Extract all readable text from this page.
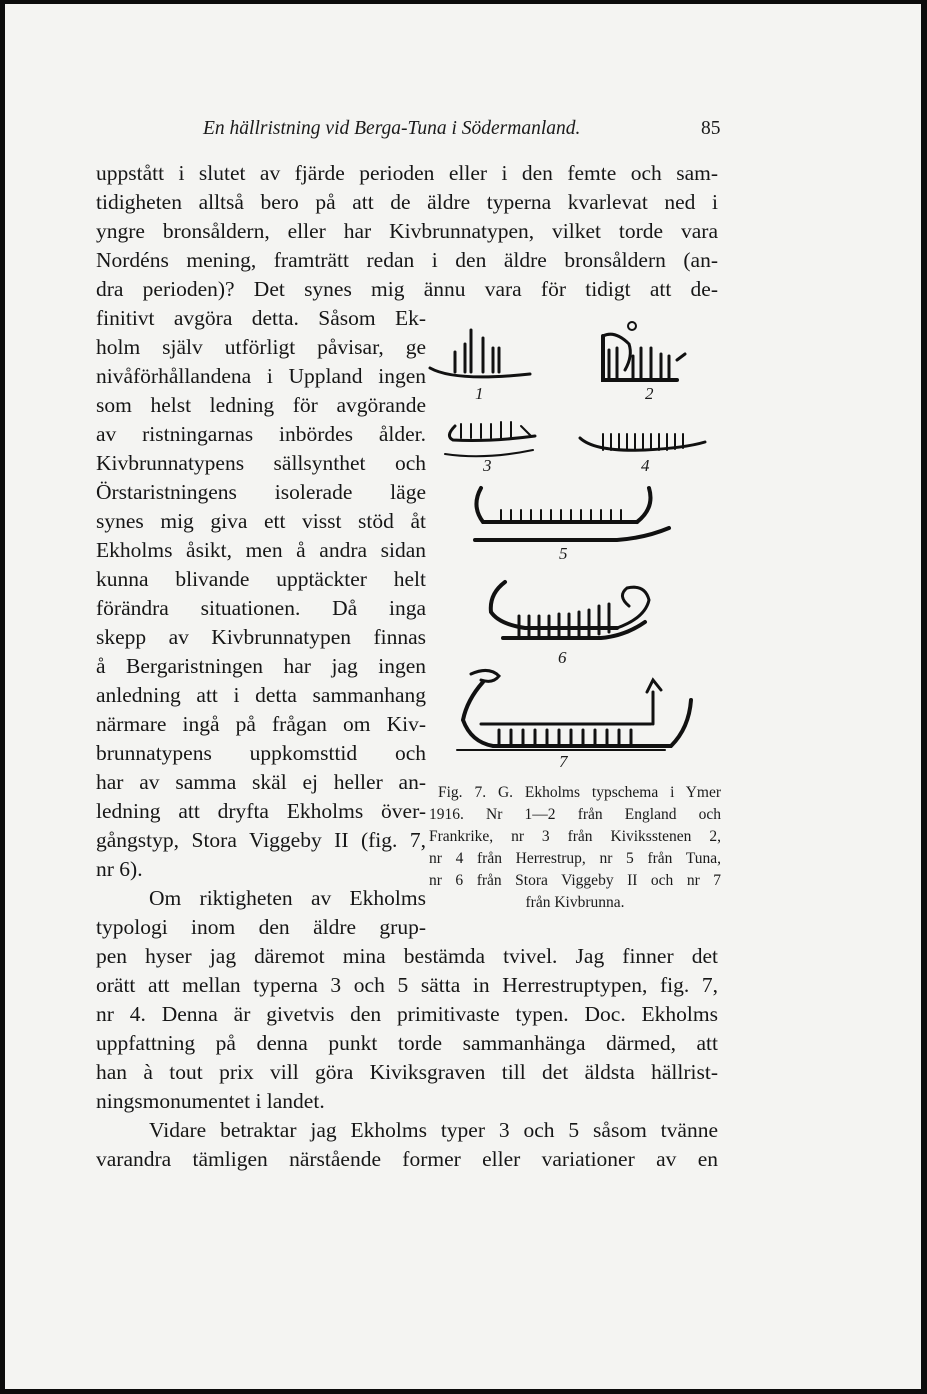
En hällristning vid Berga-Tuna i Södermanland.	85
uppstått i slutet av fjärde perioden eller i den femte och sam-
tidigheten alltså bero på att de äldre typerna kvarlevat ned i
yngre bronsåldern, eller har Kivbrunnatypen, vilket torde vara
Nordéns mening, framträtt redan i den äldre bronsåldern (an-
dra perioden)? Det synes mig ännu vara för tidigt att de-
finitivt avgöra detta. Såsom Ek-
holm själv utförligt påvisar, ge
nivåförhållandena i Uppland ingen
som helst ledning för avgörande
av ristningarnas inbördes ålder.
Kivbrunnatypens sällsynthet och
Örstaristningens isolerade läge
synes mig giva ett visst stöd åt
Ekholms åsikt, men å andra sidan
kunna blivande upptäckter helt
förändra situationen. Då inga
skepp av Kivbrunnatypen finnas
å Bergaristningen har jag ingen
anledning att i detta sammanhang
närmare ingå på frågan om Kiv-
brunnatypens uppkomsttid och
har av samma skäl ej heller an-
ledning att dryfta Ekholms över-
gångstyp, Stora Viggeby II (fig. 7,
nr 6).
Om riktigheten av Ekholms
typologi inom den äldre grup-
pen hyser jag däremot mina bestämda tvivel. Jag finner det
orätt att mellan typerna 3 och 5 sätta in Herrestruptypen, fig. 7,
nr 4. Denna är givetvis den primitivaste typen. Doc. Ekholms
uppfattning på denna punkt torde sammanhänga därmed, att
han à tout prix vill göra Kiviksgraven till det äldsta hällrist-
ningsmonumentet i landet.
Vidare betraktar jag Ekholms typer 3 och 5 såsom tvänne
varandra tämligen närstående former eller variationer av en
1	2
3	4
5
6
7
Fig. 7. G. Ekholms typschema i Ymer
1916. Nr 1—2 från England och
Frankrike, nr 3 från Kiviksstenen 2,
nr 4 från Herrestrup, nr 5 från Tuna,
nr 6 från Stora Viggeby II och nr 7
från Kivbrunna.
